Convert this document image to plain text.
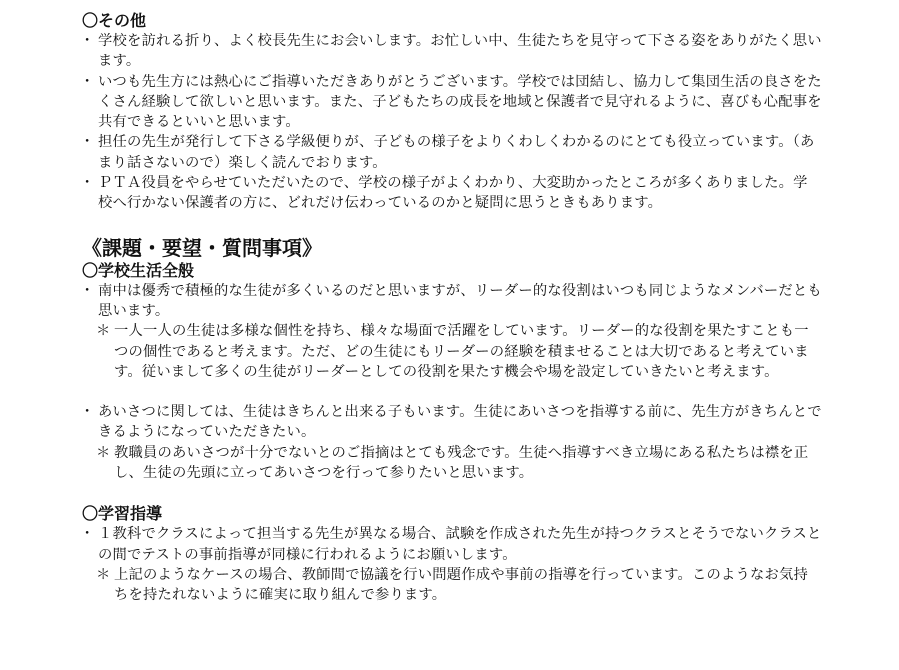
〇その他

・ 学校を訪れる折り、よく校長先生にお会いします。お忙しい中、生徒たちを見守って下さる姿をありがたく思います。

・ いつも先生方には熱心にご指導いただきありがとうございます。学校では団結し、協力して集団生活の良さをたくさん経験して欲しいと思います。また、子どもたちの成長を地域と保護者で見守れるように、喜びも心配事を共有できるといいと思います。

・ 担任の先生が発行して下さる学級便りが、子どもの様子をよりくわしくわかるのにとても役立っています。（あまり話さないので）楽しく読んでおります。

・ ＰＴＡ役員をやらせていただいたので、学校の様子がよくわかり、大変助かったところが多くありました。学校へ行かない保護者の方に、どれだけ伝わっているのかと疑問に思うときもあります。

《課題・要望・質問事項》

〇学校生活全般

・ 南中は優秀で積極的な生徒が多くいるのだと思いますが、リーダー的な役割はいつも同じようなメンバーだとも思います。

＊ 一人一人の生徒は多様な個性を持ち、様々な場面で活躍をしています。リーダー的な役割を果たすことも一つの個性であると考えます。ただ、どの生徒にもリーダーの経験を積ませることは大切であると考えています。従いまして多くの生徒がリーダーとしての役割を果たす機会や場を設定していきたいと考えます。

・ あいさつに関しては、生徒はきちんと出来る子もいます。生徒にあいさつを指導する前に、先生方がきちんとできるようになっていただきたい。

＊ 教職員のあいさつが十分でないとのご指摘はとても残念です。生徒へ指導すべき立場にある私たちは襟を正し、生徒の先頭に立ってあいさつを行って参りたいと思います。

〇学習指導

・ １教科でクラスによって担当する先生が異なる場合、試験を作成された先生が持つクラスとそうでないクラスとの間でテストの事前指導が同様に行われるようにお願いします。

＊ 上記のようなケースの場合、教師間で協議を行い問題作成や事前の指導を行っています。このようなお気持ちを持たれないように確実に取り組んで参ります。
